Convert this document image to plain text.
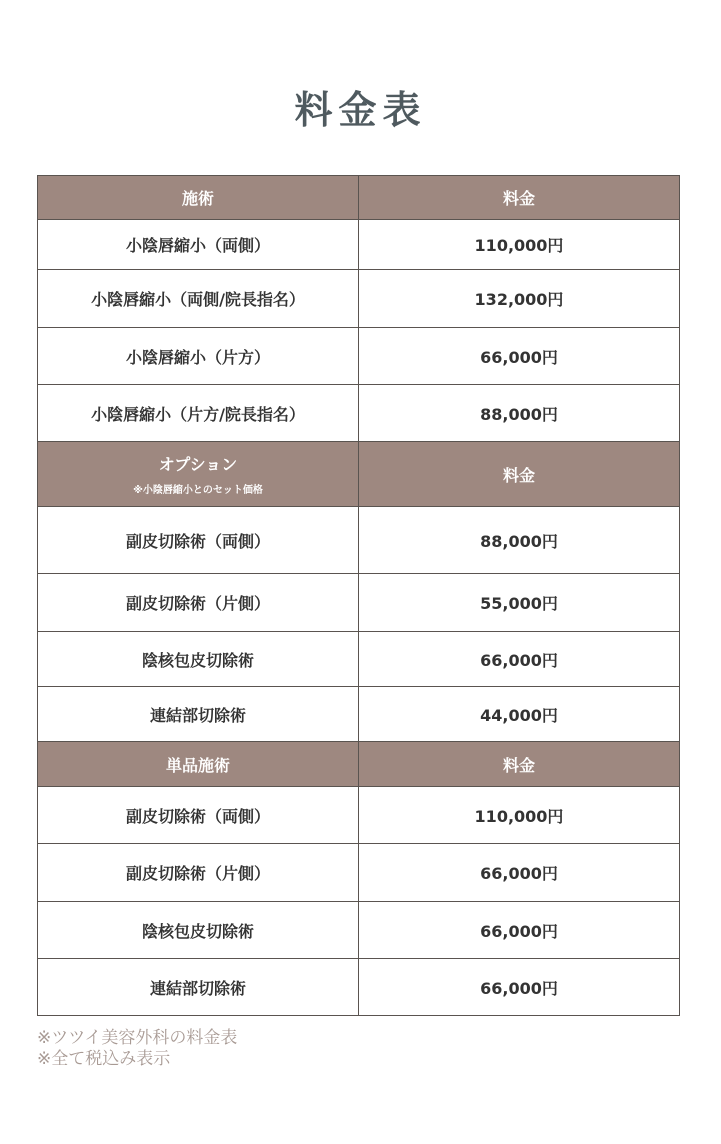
料金表
施術	料金
小陰唇縮小（両側）	110,000円
小陰唇縮小（両側/院長指名）	132,000円
小陰唇縮小（片方）	66,000円
小陰唇縮小（片方/院長指名）	88,000円

オプション
※小陰唇縮小とのセット価格	料金
副皮切除術（両側）	88,000円
副皮切除術（片側）	55,000円
陰核包皮切除術	66,000円
連結部切除術	44,000円

単品施術	料金
副皮切除術（両側）	110,000円
副皮切除術（片側）	66,000円
陰核包皮切除術	66,000円
連結部切除術	66,000円
※ツツイ美容外科の料金表
※全て税込み表示
